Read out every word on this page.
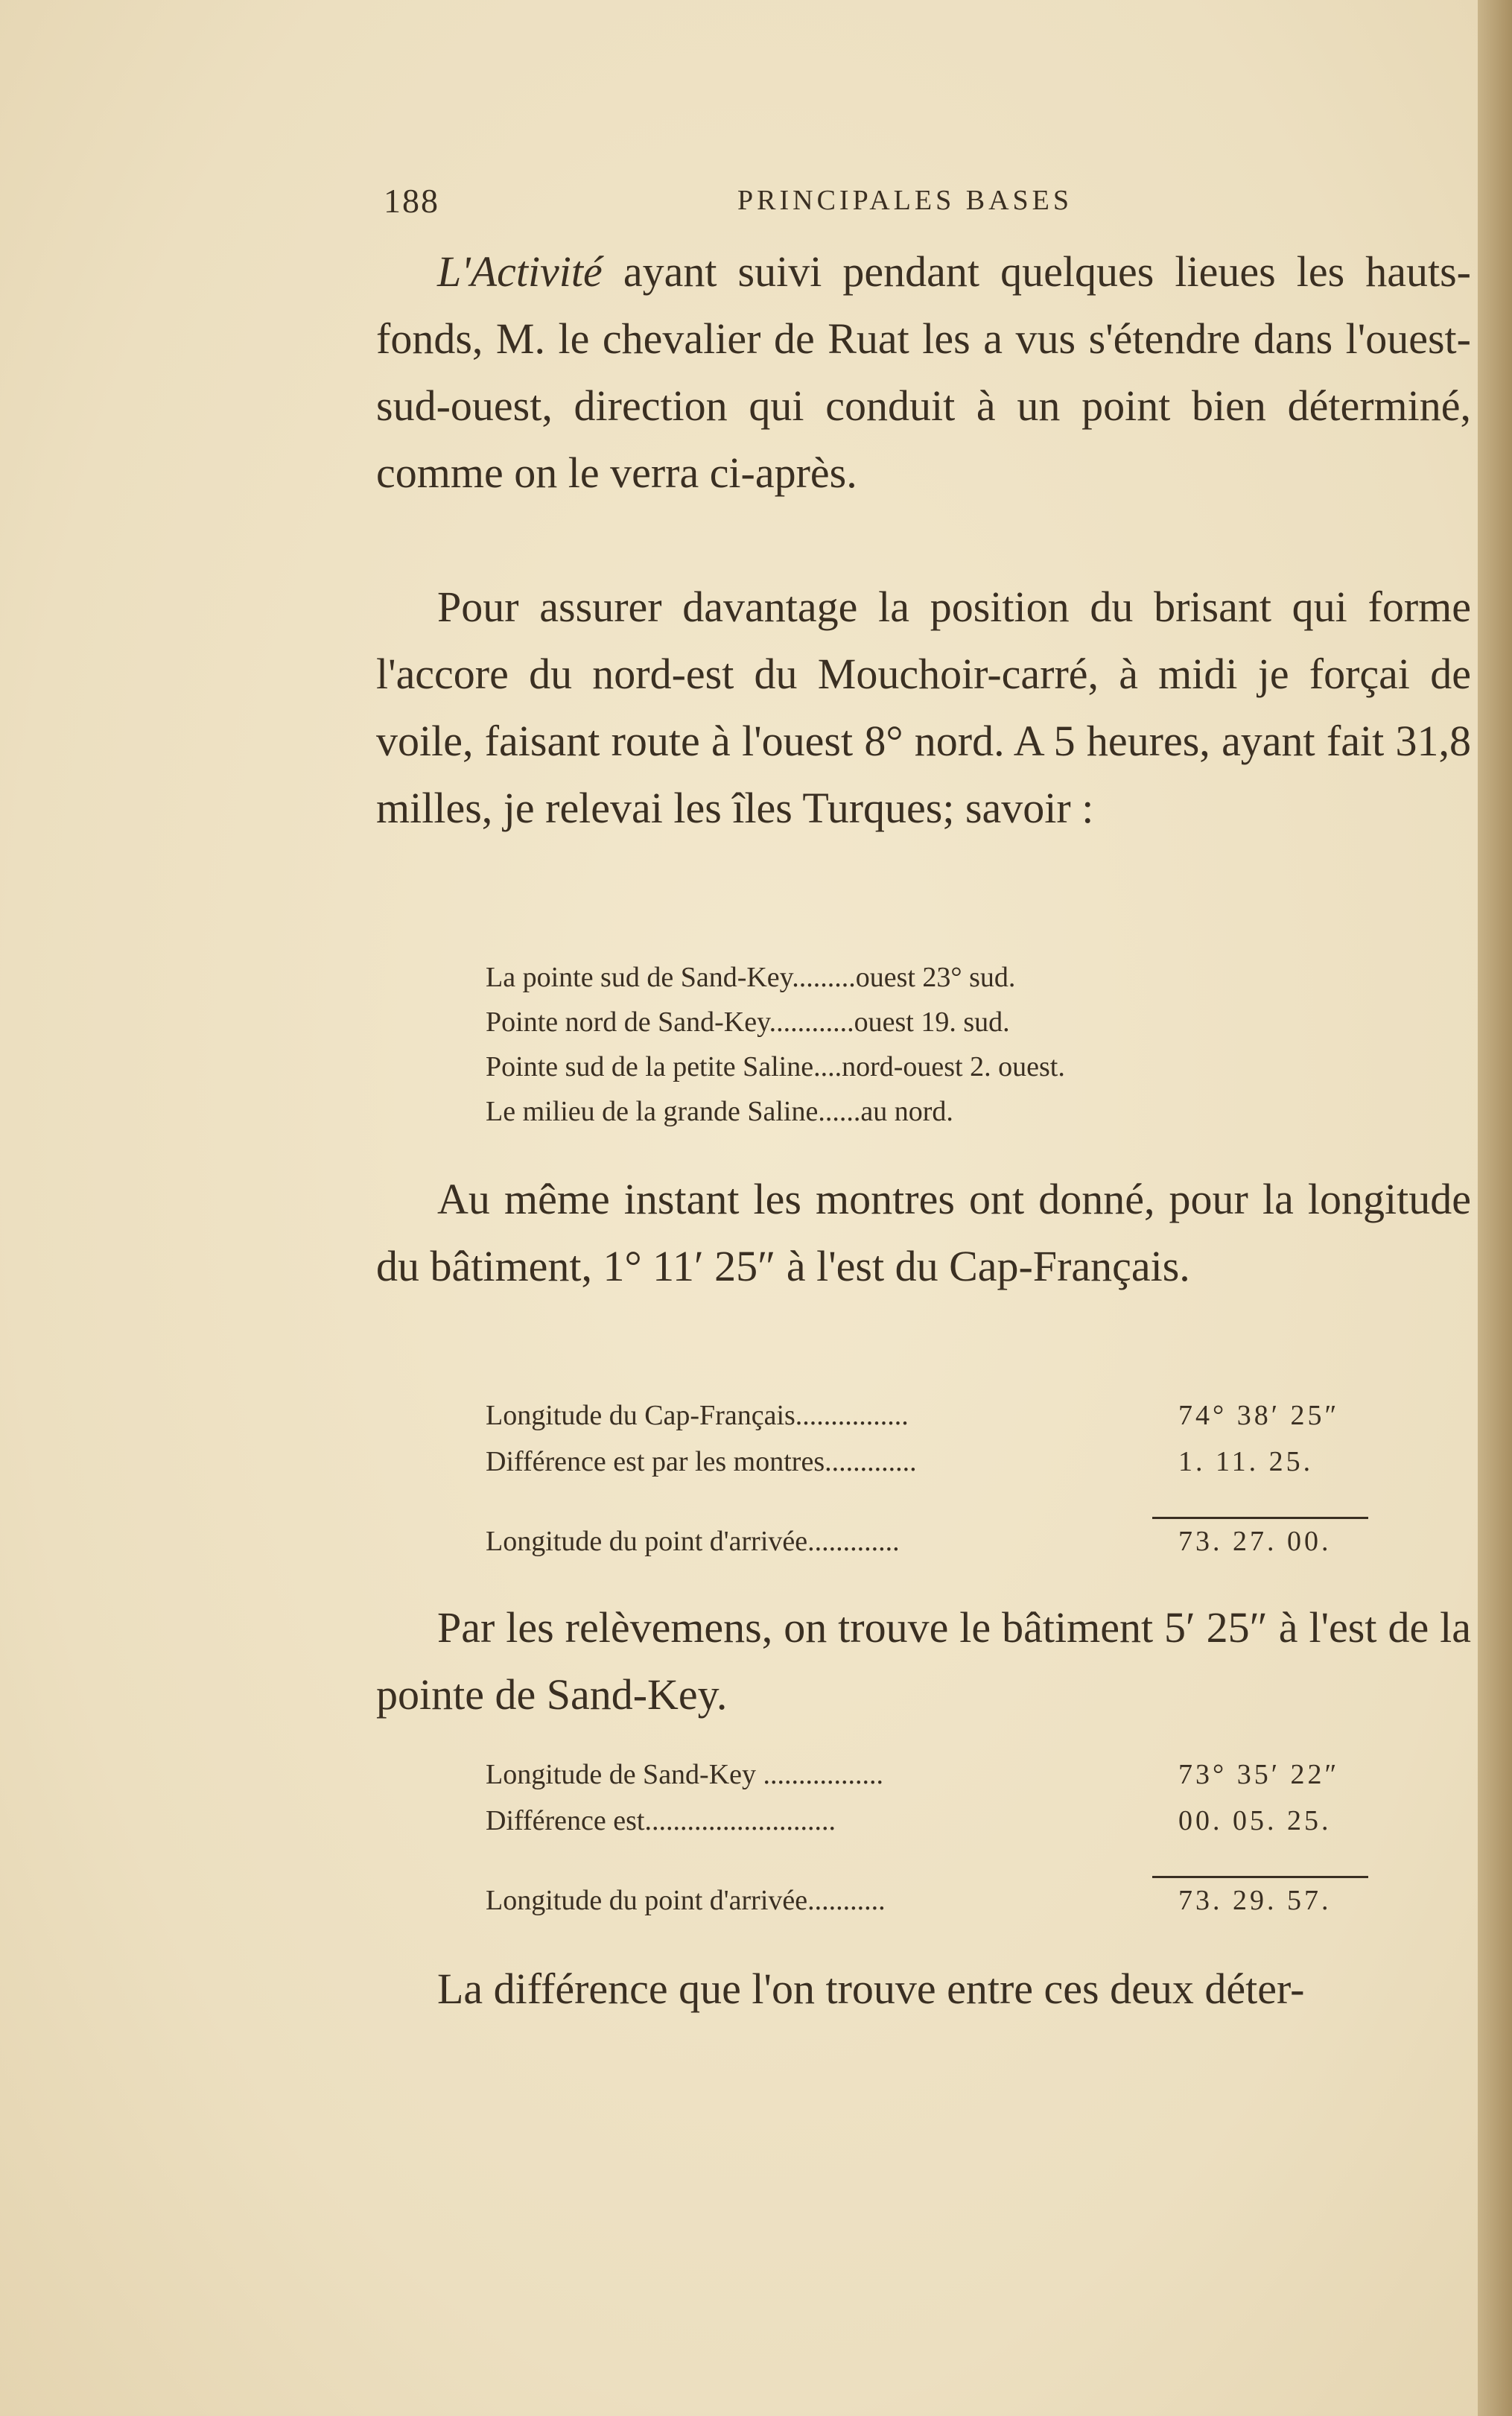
188	PRINCIPALES BASES
L'Activité ayant suivi pendant quelques lieues les hauts-fonds, M. le chevalier de Ruat les a vus s'étendre dans l'ouest-sud-ouest, direction qui conduit à un point bien déterminé, comme on le verra ci-après.
Pour assurer davantage la position du brisant qui forme l'accore du nord-est du Mouchoir-carré, à midi je forçai de voile, faisant route à l'ouest 8° nord. A 5 heures, ayant fait 31,8 milles, je relevai les îles Turques; savoir :
La pointe sud de Sand-Key.........ouest 23° sud.
Pointe nord de Sand-Key............ouest 19. sud.
Pointe sud de la petite Saline....nord-ouest 2. ouest.
Le milieu de la grande Saline......au nord.
Au même instant les montres ont donné, pour la longitude du bâtiment, 1° 11′ 25″ à l'est du Cap-Français.
Longitude du Cap-Français................	74° 38′ 25″
Différence est par les montres.............	1. 11. 25.
Longitude du point d'arrivée.............	73. 27. 00.
Par les relèvemens, on trouve le bâtiment 5′ 25″ à l'est de la pointe de Sand-Key.
Longitude de Sand-Key .................	73° 35′ 22″
Différence est...........................	00. 05. 25.
Longitude du point d'arrivée...........	73. 29. 57.
La différence que l'on trouve entre ces deux déter-
